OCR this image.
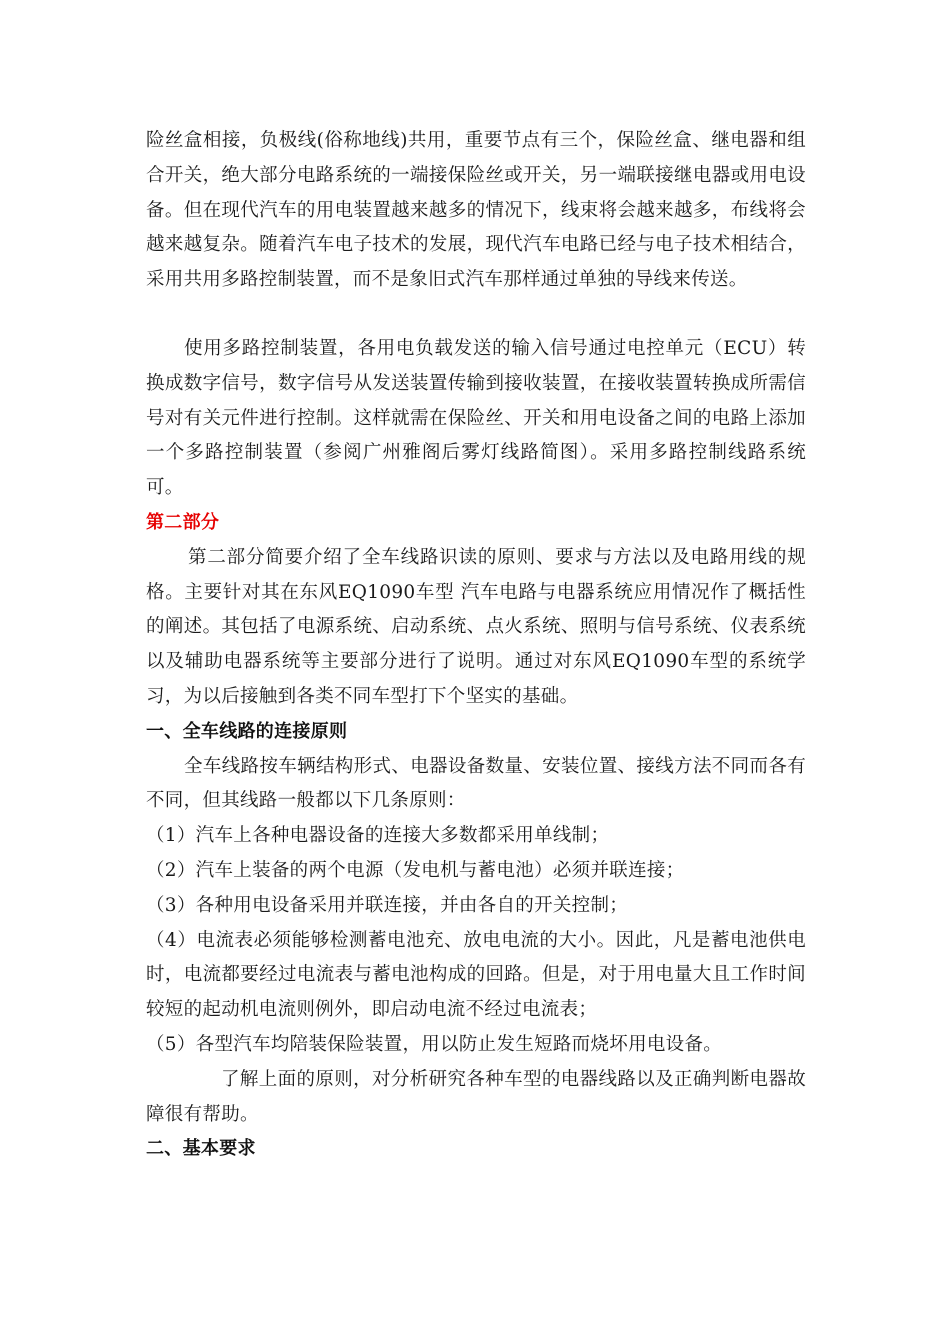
险丝盒相接，负极线(俗称地线)共用，重要节点有三个，保险丝盒、继电器和组合开关，绝大部分电路系统的一端接保险丝或开关，另一端联接继电器或用电设备。但在现代汽车的用电装置越来越多的情况下，线束将会越来越多，布线将会越来越复杂。随着汽车电子技术的发展，现代汽车电路已经与电子技术相结合，采用共用多路控制装置，而不是象旧式汽车那样通过单独的导线来传送。

使用多路控制装置，各用电负载发送的输入信号通过电控单元（ECU）转换成数字信号，数字信号从发送装置传输到接收装置，在接收装置转换成所需信号对有关元件进行控制。这样就需在保险丝、开关和用电设备之间的电路上添加一个多路控制装置（参阅广州雅阁后雾灯线路简图）。采用多路控制线路系统可。

第二部分

第二部分简要介绍了全车线路识读的原则、要求与方法以及电路用线的规格。主要针对其在东风EQ1090车型 汽车电路与电器系统应用情况作了概括性的阐述。其包括了电源系统、启动系统、点火系统、照明与信号系统、仪表系统以及辅助电器系统等主要部分进行了说明。通过对东风EQ1090车型的系统学习，为以后接触到各类不同车型打下个坚实的基础。

一、全车线路的连接原则

全车线路按车辆结构形式、电器设备数量、安装位置、接线方法不同而各有不同，但其线路一般都以下几条原则：

（1）汽车上各种电器设备的连接大多数都采用单线制；

（2）汽车上装备的两个电源（发电机与蓄电池）必须并联连接；

（3）各种用电设备采用并联连接，并由各自的开关控制；

（4）电流表必须能够检测蓄电池充、放电电流的大小。因此，凡是蓄电池供电时，电流都要经过电流表与蓄电池构成的回路。但是，对于用电量大且工作时间较短的起动机电流则例外，即启动电流不经过电流表；

（5）各型汽车均陪装保险装置，用以防止发生短路而烧坏用电设备。

了解上面的原则，对分析研究各种车型的电器线路以及正确判断电器故障很有帮助。

二、基本要求
